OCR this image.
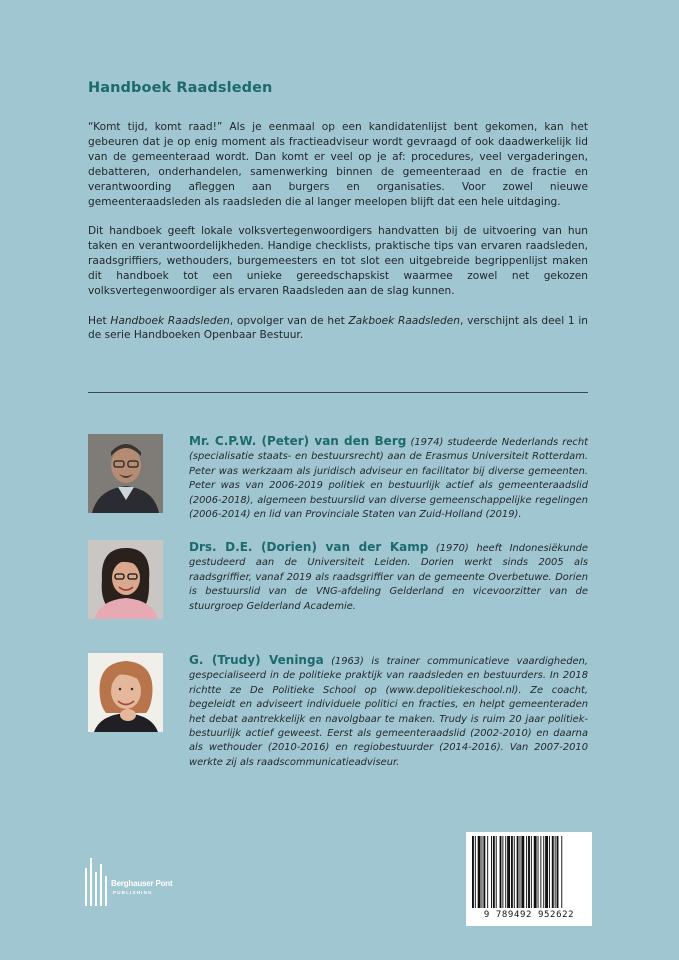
Handboek Raadsleden

“Komt tijd, komt raad!” Als je eenmaal op een kandidatenlijst bent gekomen, kan het gebeuren dat je op enig moment als fractieadviseur wordt gevraagd of ook daadwerkelijk lid van de gemeenteraad wordt. Dan komt er veel op je af: procedures, veel vergaderingen, debatteren, onderhandelen, samenwerking binnen de gemeenteraad en de fractie en verantwoording afleggen aan burgers en organisaties. Voor zowel nieuwe gemeenteraadsleden als raadsleden die al langer meelopen blijft dat een hele uitdaging.

Dit handboek geeft lokale volksvertegenwoordigers handvatten bij de uitvoering van hun taken en verantwoordelijkheden. Handige checklists, praktische tips van ervaren raadsleden, raadsgriffiers, wethouders, burgemeesters en tot slot een uitgebreide begrippenlijst maken dit handboek tot een unieke gereedschapskist waarmee zowel net gekozen volksvertegenwoordiger als ervaren Raadsleden aan de slag kunnen.

Het Handboek Raadsleden, opvolger van de het Zakboek Raadsleden, verschijnt als deel 1 in de serie Handboeken Openbaar Bestuur.

Mr. C.P.W. (Peter) van den Berg (1974) studeerde Nederlands recht (specialisatie staats- en bestuursrecht) aan de Erasmus Universiteit Rotterdam. Peter was werkzaam als juridisch adviseur en facilitator bij diverse gemeenten. Peter was van 2006-2019 politiek en bestuurlijk actief als gemeenteraadslid (2006-2018), algemeen bestuurslid van diverse gemeenschappelijke regelingen (2006-2014) en lid van Provinciale Staten van Zuid-Holland (2019).
Drs. D.E. (Dorien) van der Kamp (1970) heeft Indonesiëkunde gestudeerd aan de Universiteit Leiden. Dorien werkt sinds 2005 als raadsgriffier, vanaf 2019 als raadsgriffier van de gemeente Overbetuwe. Dorien is bestuurslid van de VNG-afdeling Gelderland en vicevoorzitter van de stuurgroep Gelderland Academie.
G. (Trudy) Veninga (1963) is trainer communicatieve vaardigheden, gespecialiseerd in de politieke praktijk van raadsleden en bestuurders. In 2018 richtte ze De Politieke School op (www.depolitiekeschool.nl). Ze coacht, begeleidt en adviseert individuele politici en fracties, en helpt gemeenteraden het debat aantrekkelijk en navolgbaar te maken. Trudy is ruim 20 jaar politiek-bestuurlijk actief geweest. Eerst als gemeenteraadslid (2002-2010) en daarna als wethouder (2010-2016) en regiobestuurder (2014-2016). Van 2007-2010 werkte zij als raadscommunicatieadviseur.
Berghauser Pont
PUBLISHING
9 789492 952622
